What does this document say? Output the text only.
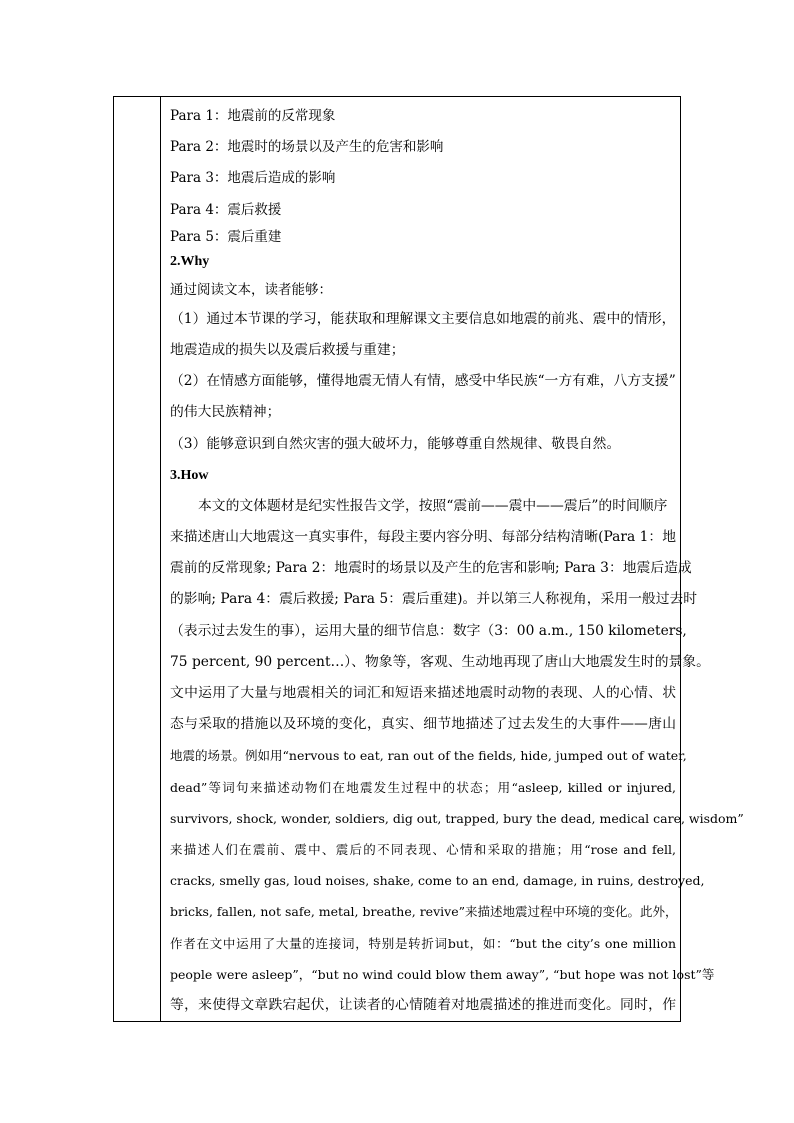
Para 1：地震前的反常现象
Para 2：地震时的场景以及产生的危害和影响
Para 3：地震后造成的影响
Para 4：震后救援
Para 5：震后重建
2.Why
通过阅读文本，读者能够：
（1）通过本节课的学习，能获取和理解课文主要信息如地震的前兆、震中的情形，
地震造成的损失以及震后救援与重建；
（2）在情感方面能够，懂得地震无情人有情，感受中华民族“一方有难，八方支援”
的伟大民族精神；
（3）能够意识到自然灾害的强大破坏力，能够尊重自然规律、敬畏自然。
3.How
本文的文体题材是纪实性报告文学，按照“震前——震中——震后”的时间顺序
来描述唐山大地震这一真实事件，每段主要内容分明、每部分结构清晰(Para 1：地
震前的反常现象; Para 2：地震时的场景以及产生的危害和影响; Para 3：地震后造成
的影响; Para 4：震后救援; Para 5：震后重建)。并以第三人称视角，采用一般过去时
（表示过去发生的事），运用大量的细节信息：数字（3：00 a.m., 150 kilometers,
75 percent, 90 percent…）、物象等，客观、生动地再现了唐山大地震发生时的景象。
文中运用了大量与地震相关的词汇和短语来描述地震时动物的表现、人的心情、状
态与采取的措施以及环境的变化，真实、细节地描述了过去发生的大事件——唐山
地震的场景。例如用“nervous to eat, ran out of the fields, hide, jumped out of water,
dead”等词句来描述动物们在地震发生过程中的状态；用“asleep, killed or injured,
survivors, shock, wonder, soldiers, dig out, trapped, bury the dead, medical care, wisdom”
来描述人们在震前、震中、震后的不同表现、心情和采取的措施；用“rose and fell,
cracks, smelly gas, loud noises, shake, come to an end, damage, in ruins, destroyed,
bricks, fallen, not safe, metal, breathe, revive”来描述地震过程中环境的变化。此外，
作者在文中运用了大量的连接词，特别是转折词but，如：“but the city’s one million
people were asleep”，“but no wind could blow them away”, “but hope was not lost”等
等，来使得文章跌宕起伏，让读者的心情随着对地震描述的推进而变化。同时，作
